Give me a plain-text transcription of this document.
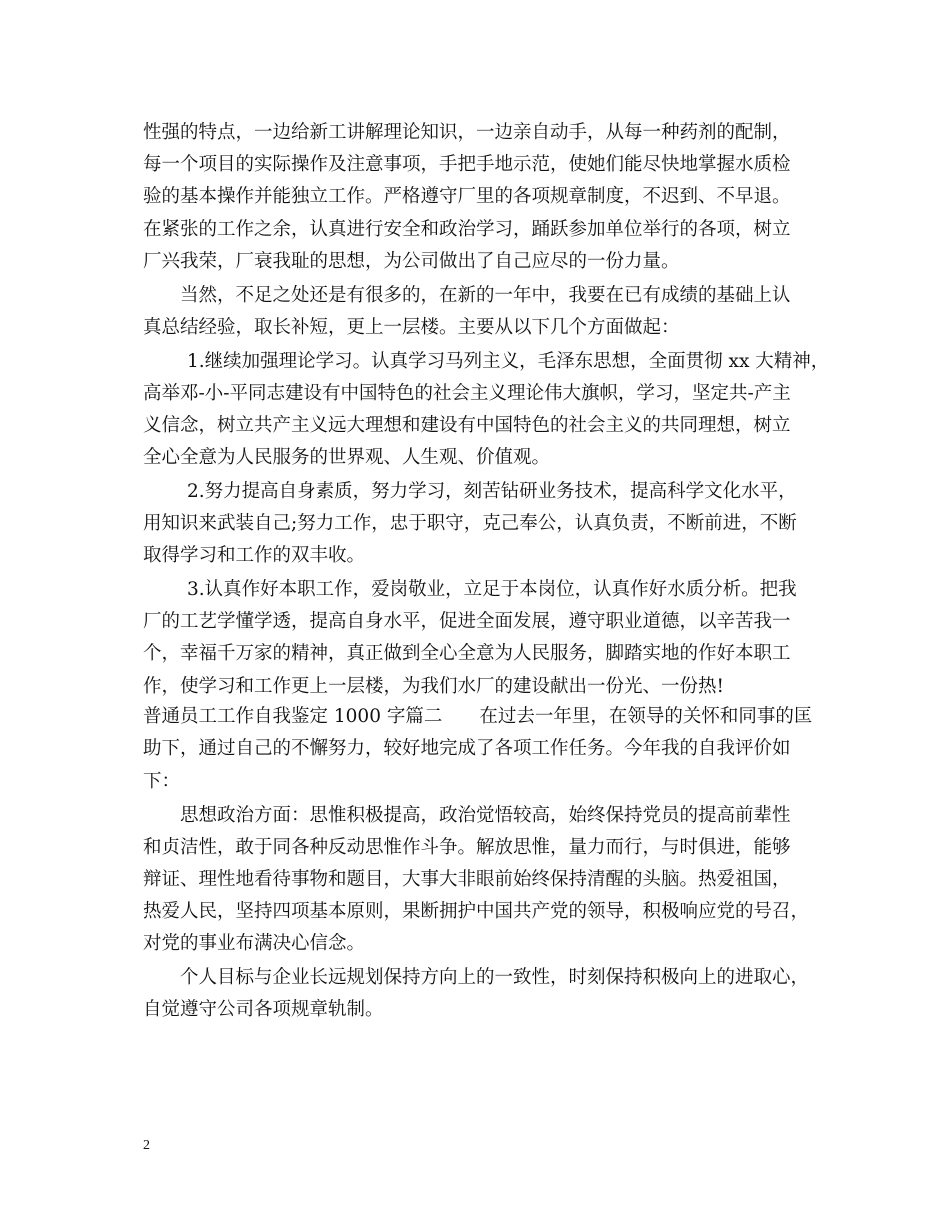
性强的特点，一边给新工讲解理论知识，一边亲自动手，从每一种药剂的配制，
每一个项目的实际操作及注意事项，手把手地示范，使她们能尽快地掌握水质检
验的基本操作并能独立工作。严格遵守厂里的各项规章制度，不迟到、不早退。
在紧张的工作之余，认真进行安全和政治学习，踊跃参加单位举行的各项，树立
厂兴我荣，厂衰我耻的思想，为公司做出了自己应尽的一份力量。
当然，不足之处还是有很多的，在新的一年中，我要在已有成绩的基础上认
真总结经验，取长补短，更上一层楼。主要从以下几个方面做起：
1.继续加强理论学习。认真学习马列主义，毛泽东思想，全面贯彻 xx 大精神，
高举邓-小-平同志建设有中国特色的社会主义理论伟大旗帜，学习，坚定共-产主
义信念，树立共产主义远大理想和建设有中国特色的社会主义的共同理想，树立
全心全意为人民服务的世界观、人生观、价值观。
2.努力提高自身素质，努力学习，刻苦钻研业务技术，提高科学文化水平，
用知识来武装自己;努力工作，忠于职守，克己奉公，认真负责，不断前进，不断
取得学习和工作的双丰收。
3.认真作好本职工作，爱岗敬业，立足于本岗位，认真作好水质分析。把我
厂的工艺学懂学透，提高自身水平，促进全面发展，遵守职业道德，以辛苦我一
个，幸福千万家的精神，真正做到全心全意为人民服务，脚踏实地的作好本职工
作，使学习和工作更上一层楼，为我们水厂的建设献出一份光、一份热!
普通员工工作自我鉴定 1000 字篇二　　在过去一年里，在领导的关怀和同事的匡
助下，通过自己的不懈努力，较好地完成了各项工作任务。今年我的自我评价如
下：
思想政治方面：思惟积极提高，政治觉悟较高，始终保持党员的提高前辈性
和贞洁性，敢于同各种反动思惟作斗争。解放思惟，量力而行，与时俱进，能够
辩证、理性地看待事物和题目，大事大非眼前始终保持清醒的头脑。热爱祖国，
热爱人民，坚持四项基本原则，果断拥护中国共产党的领导，积极响应党的号召，
对党的事业布满决心信念。
个人目标与企业长远规划保持方向上的一致性，时刻保持积极向上的进取心，
自觉遵守公司各项规章轨制。
2
